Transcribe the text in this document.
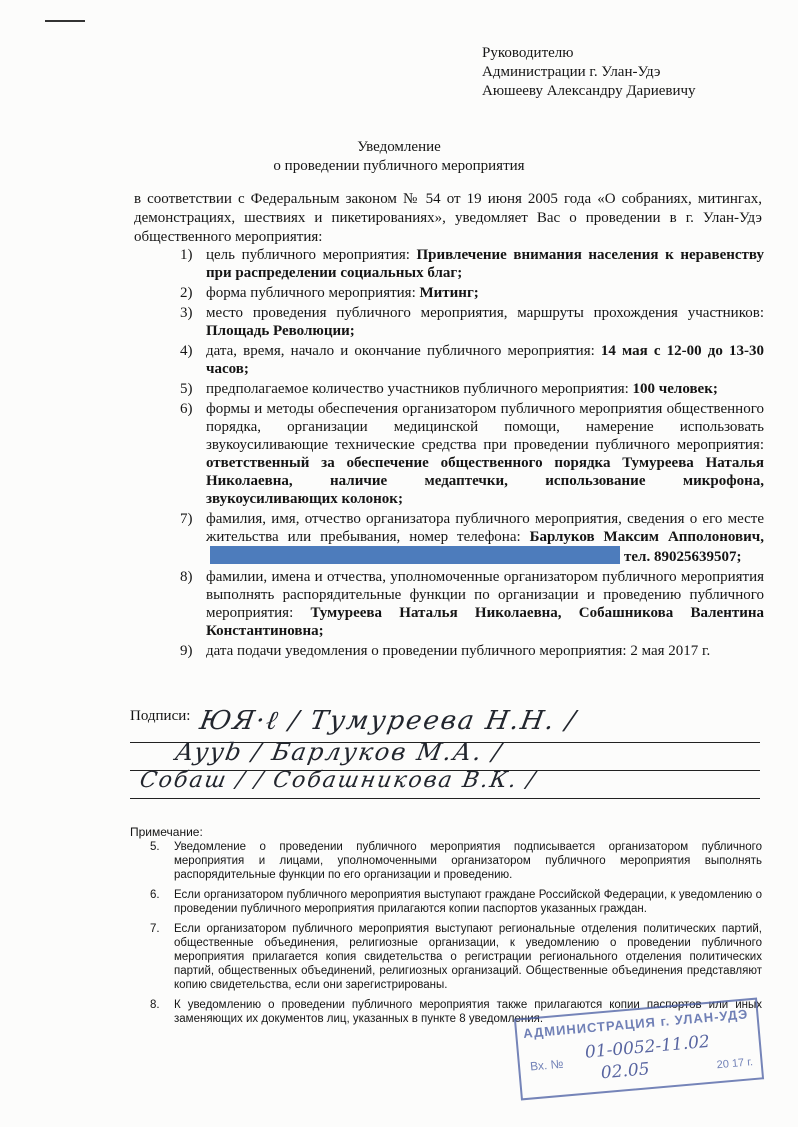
Руководителю
Администрации г. Улан-Удэ
Аюшееву Александру Дариевичу
Уведомление
о проведении публичного мероприятия
в соответствии с Федеральным законом № 54 от 19 июня 2005 года «О собраниях, митингах, демонстрациях, шествиях и пикетированиях», уведомляет Вас о проведении в г. Улан-Удэ общественного мероприятия:
1) цель публичного мероприятия: Привлечение внимания населения к неравенству при распределении социальных благ;
2) форма публичного мероприятия: Митинг;
3) место проведения публичного мероприятия, маршруты прохождения участников: Площадь Революции;
4) дата, время, начало и окончание публичного мероприятия: 14 мая с 12-00 до 13-30 часов;
5) предполагаемое количество участников публичного мероприятия: 100 человек;
6) формы и методы обеспечения организатором публичного мероприятия общественного порядка, организации медицинской помощи, намерение использовать звукоусиливающие технические средства при проведении публичного мероприятия: ответственный за обеспечение общественного порядка Тумуреева Наталья Николаевна, наличие медаптечки, использование микрофона, звукоусиливающих колонок;
7) фамилия, имя, отчество организатора публичного мероприятия, сведения о его месте жительства или пребывания, номер телефона: Барлуков Максим Апполонович,тел. 89025639507;
8) фамилии, имена и отчества, уполномоченные организатором публичного мероприятия выполнять распорядительные функции по организации и проведению публичного мероприятия: Тумуреева Наталья Николаевна, Собашникова Валентина Константиновна;
9) дата подачи уведомления о проведении публичного мероприятия: 2 мая 2017 г.
Подписи: ЮЯ·ℓ / Тумуреева Н.Н. /
Ayyb / Барлуков М.А. /
Собаш / / Собашникова В.К. /
Примечание:
5. Уведомление о проведении публичного мероприятия подписывается организатором публичного мероприятия и лицами, уполномоченными организатором публичного мероприятия выполнять распорядительные функции по его организации и проведению.
6. Если организатором публичного мероприятия выступают граждане Российской Федерации, к уведомлению о проведении публичного мероприятия прилагаются копии паспортов указанных граждан.
7. Если организатором публичного мероприятия выступают региональные отделения политических партий, общественные объединения, религиозные организации, к уведомлению о проведении публичного мероприятия прилагается копия свидетельства о регистрации регионального отделения политических партий, общественных объединений, религиозных организаций. Общественные объединения представляют копию свидетельства, если они зарегистрированы.
8. К уведомлению о проведении публичного мероприятия также прилагаются копии паспортов или иных заменяющих их документов лиц, указанных в пункте 8 уведомления.
АДМИНИСТРАЦИЯ г. УЛАН-УДЭ
Вх. №
01-0052-11.02
02.05	20 17 г.
